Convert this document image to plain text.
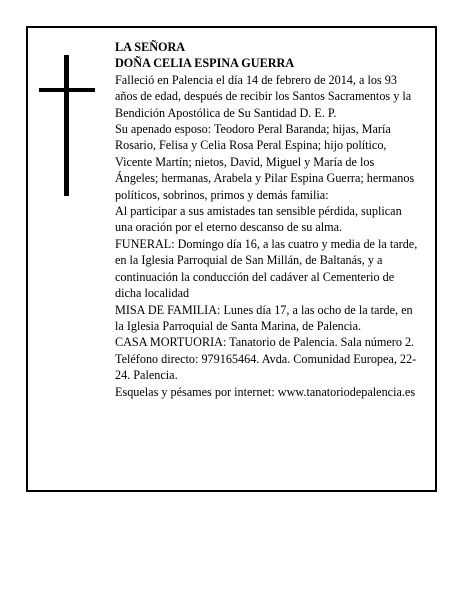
LA SEÑORA

DOÑA CELIA ESPINA GUERRA

Falleció en Palencia el día 14 de febrero de 2014, a los 93 años de edad, después de recibir los Santos Sacramentos y la Bendición Apostólica de Su Santidad D. E. P.

Su apenado esposo: Teodoro Peral Baranda; hijas, María Rosario, Felisa y Celia Rosa Peral Espina; hijo político, Vicente Martín; nietos, David, Miguel y María de los Ángeles; hermanas, Arabela y Pilar Espina Guerra; hermanos políticos, sobrinos, primos y demás familia:

Al participar a sus amistades tan sensible pérdida, suplican una oración por el eterno descanso de su alma.

FUNERAL: Domingo día 16, a las cuatro y media de la tarde, en la Iglesia Parroquial de San Millán, de Baltanás, y a continuación la conducción del cadáver al Cementerio de dicha localidad

MISA DE FAMILIA: Lunes día 17, a las ocho de la tarde, en la Iglesia Parroquial de Santa Marina, de Palencia.

CASA MORTUORIA: Tanatorio de Palencia. Sala número 2. Teléfono directo: 979165464. Avda. Comunidad Europea, 22-24. Palencia.

Esquelas y pésames por internet: www.tanatoriodepalencia.es
